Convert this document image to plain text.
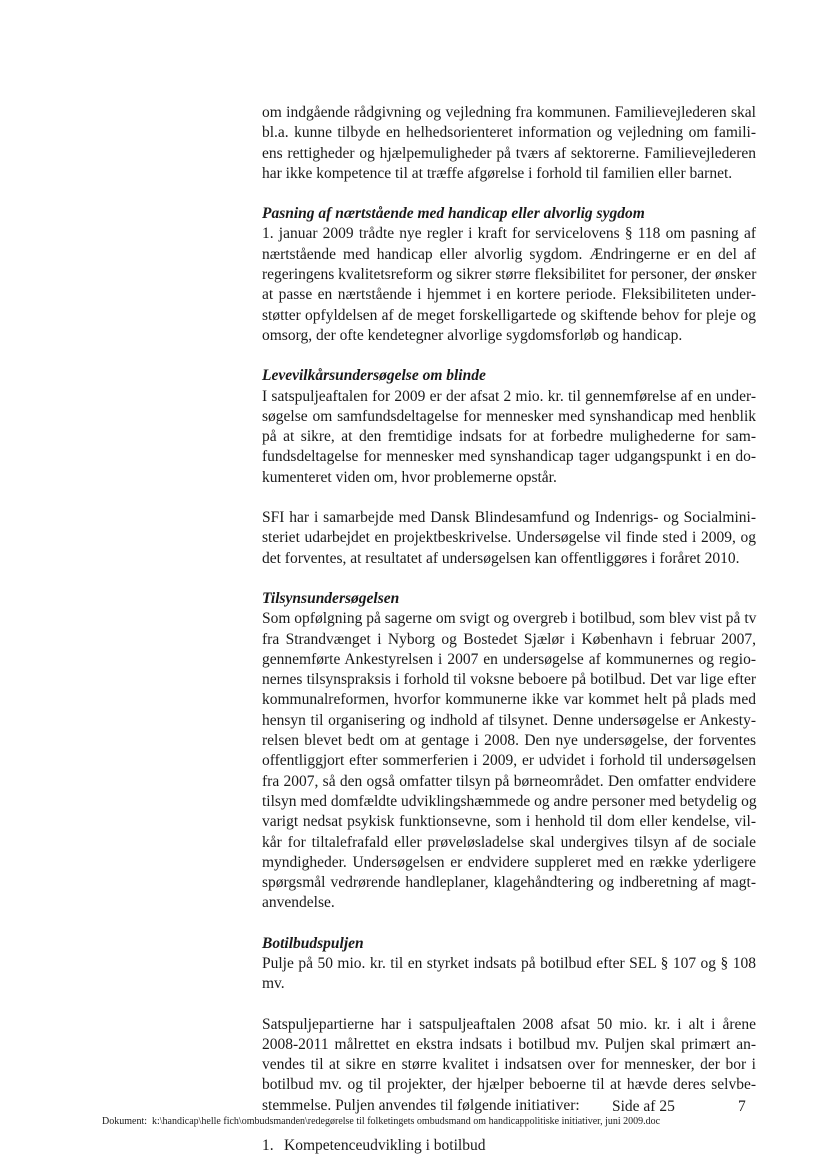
om indgående rådgivning og vejledning fra kommunen. Familievejlederen skal
bl.a. kunne tilbyde en helhedsorienteret information og vejledning om famili-
ens rettigheder og hjælpemuligheder på tværs af sektorerne. Familievejlederen
har ikke kompetence til at træffe afgørelse i forhold til familien eller barnet.
Pasning af nærtstående med handicap eller alvorlig sygdom
1. januar 2009 trådte nye regler i kraft for servicelovens § 118 om pasning af
nærtstående med handicap eller alvorlig sygdom. Ændringerne er en del af
regeringens kvalitetsreform og sikrer større fleksibilitet for personer, der ønsker
at passe en nærtstående i hjemmet i en kortere periode. Fleksibiliteten under-
støtter opfyldelsen af de meget forskelligartede og skiftende behov for pleje og
omsorg, der ofte kendetegner alvorlige sygdomsforløb og handicap.
Levevilkårsundersøgelse om blinde
I satspuljeaftalen for 2009 er der afsat 2 mio. kr. til gennemførelse af en under-
søgelse om samfundsdeltagelse for mennesker med synshandicap med henblik
på at sikre, at den fremtidige indsats for at forbedre mulighederne for sam-
fundsdeltagelse for mennesker med synshandicap tager udgangspunkt i en do-
kumenteret viden om, hvor problemerne opstår.
SFI har i samarbejde med Dansk Blindesamfund og Indenrigs- og Socialmini-
steriet udarbejdet en projektbeskrivelse. Undersøgelse vil finde sted i 2009, og
det forventes, at resultatet af undersøgelsen kan offentliggøres i foråret 2010.
Tilsynsundersøgelsen
Som opfølgning på sagerne om svigt og overgreb i botilbud, som blev vist på tv
fra Strandvænget i Nyborg og Bostedet Sjælør i København i februar 2007,
gennemførte Ankestyrelsen i 2007 en undersøgelse af kommunernes og regio-
nernes tilsynspraksis i forhold til voksne beboere på botilbud. Det var lige efter
kommunalreformen, hvorfor kommunerne ikke var kommet helt på plads med
hensyn til organisering og indhold af tilsynet. Denne undersøgelse er Ankesty-
relsen blevet bedt om at gentage i 2008. Den nye undersøgelse, der forventes
offentliggjort efter sommerferien i 2009, er udvidet i forhold til undersøgelsen
fra 2007, så den også omfatter tilsyn på børneområdet. Den omfatter endvidere
tilsyn med domfældte udviklingshæmmede og andre personer med betydelig og
varigt nedsat psykisk funktionsevne, som i henhold til dom eller kendelse, vil-
kår for tiltalefrafald eller prøveløsladelse skal undergives tilsyn af de sociale
myndigheder. Undersøgelsen er endvidere suppleret med en række yderligere
spørgsmål vedrørende handleplaner, klagehåndtering og indberetning af magt-
anvendelse.
Botilbudspuljen
Pulje på 50 mio. kr. til en styrket indsats på botilbud efter SEL § 107 og § 108
mv.
Satspuljepartierne har i satspuljeaftalen 2008 afsat 50 mio. kr. i alt i årene
2008-2011 målrettet en ekstra indsats i botilbud mv. Puljen skal primært an-
vendes til at sikre en større kvalitet i indsatsen over for mennesker, der bor i
botilbud mv. og til projekter, der hjælper beboerne til at hævde deres selvbe-
stemmelse. Puljen anvendes til følgende initiativer:
1. Kompetenceudvikling i botilbud
Side af 25	7
Dokument: k:\handicap\helle fich\ombudsmanden\redegørelse til folketingets ombudsmand om handicappolitiske initiativer, juni 2009.doc
